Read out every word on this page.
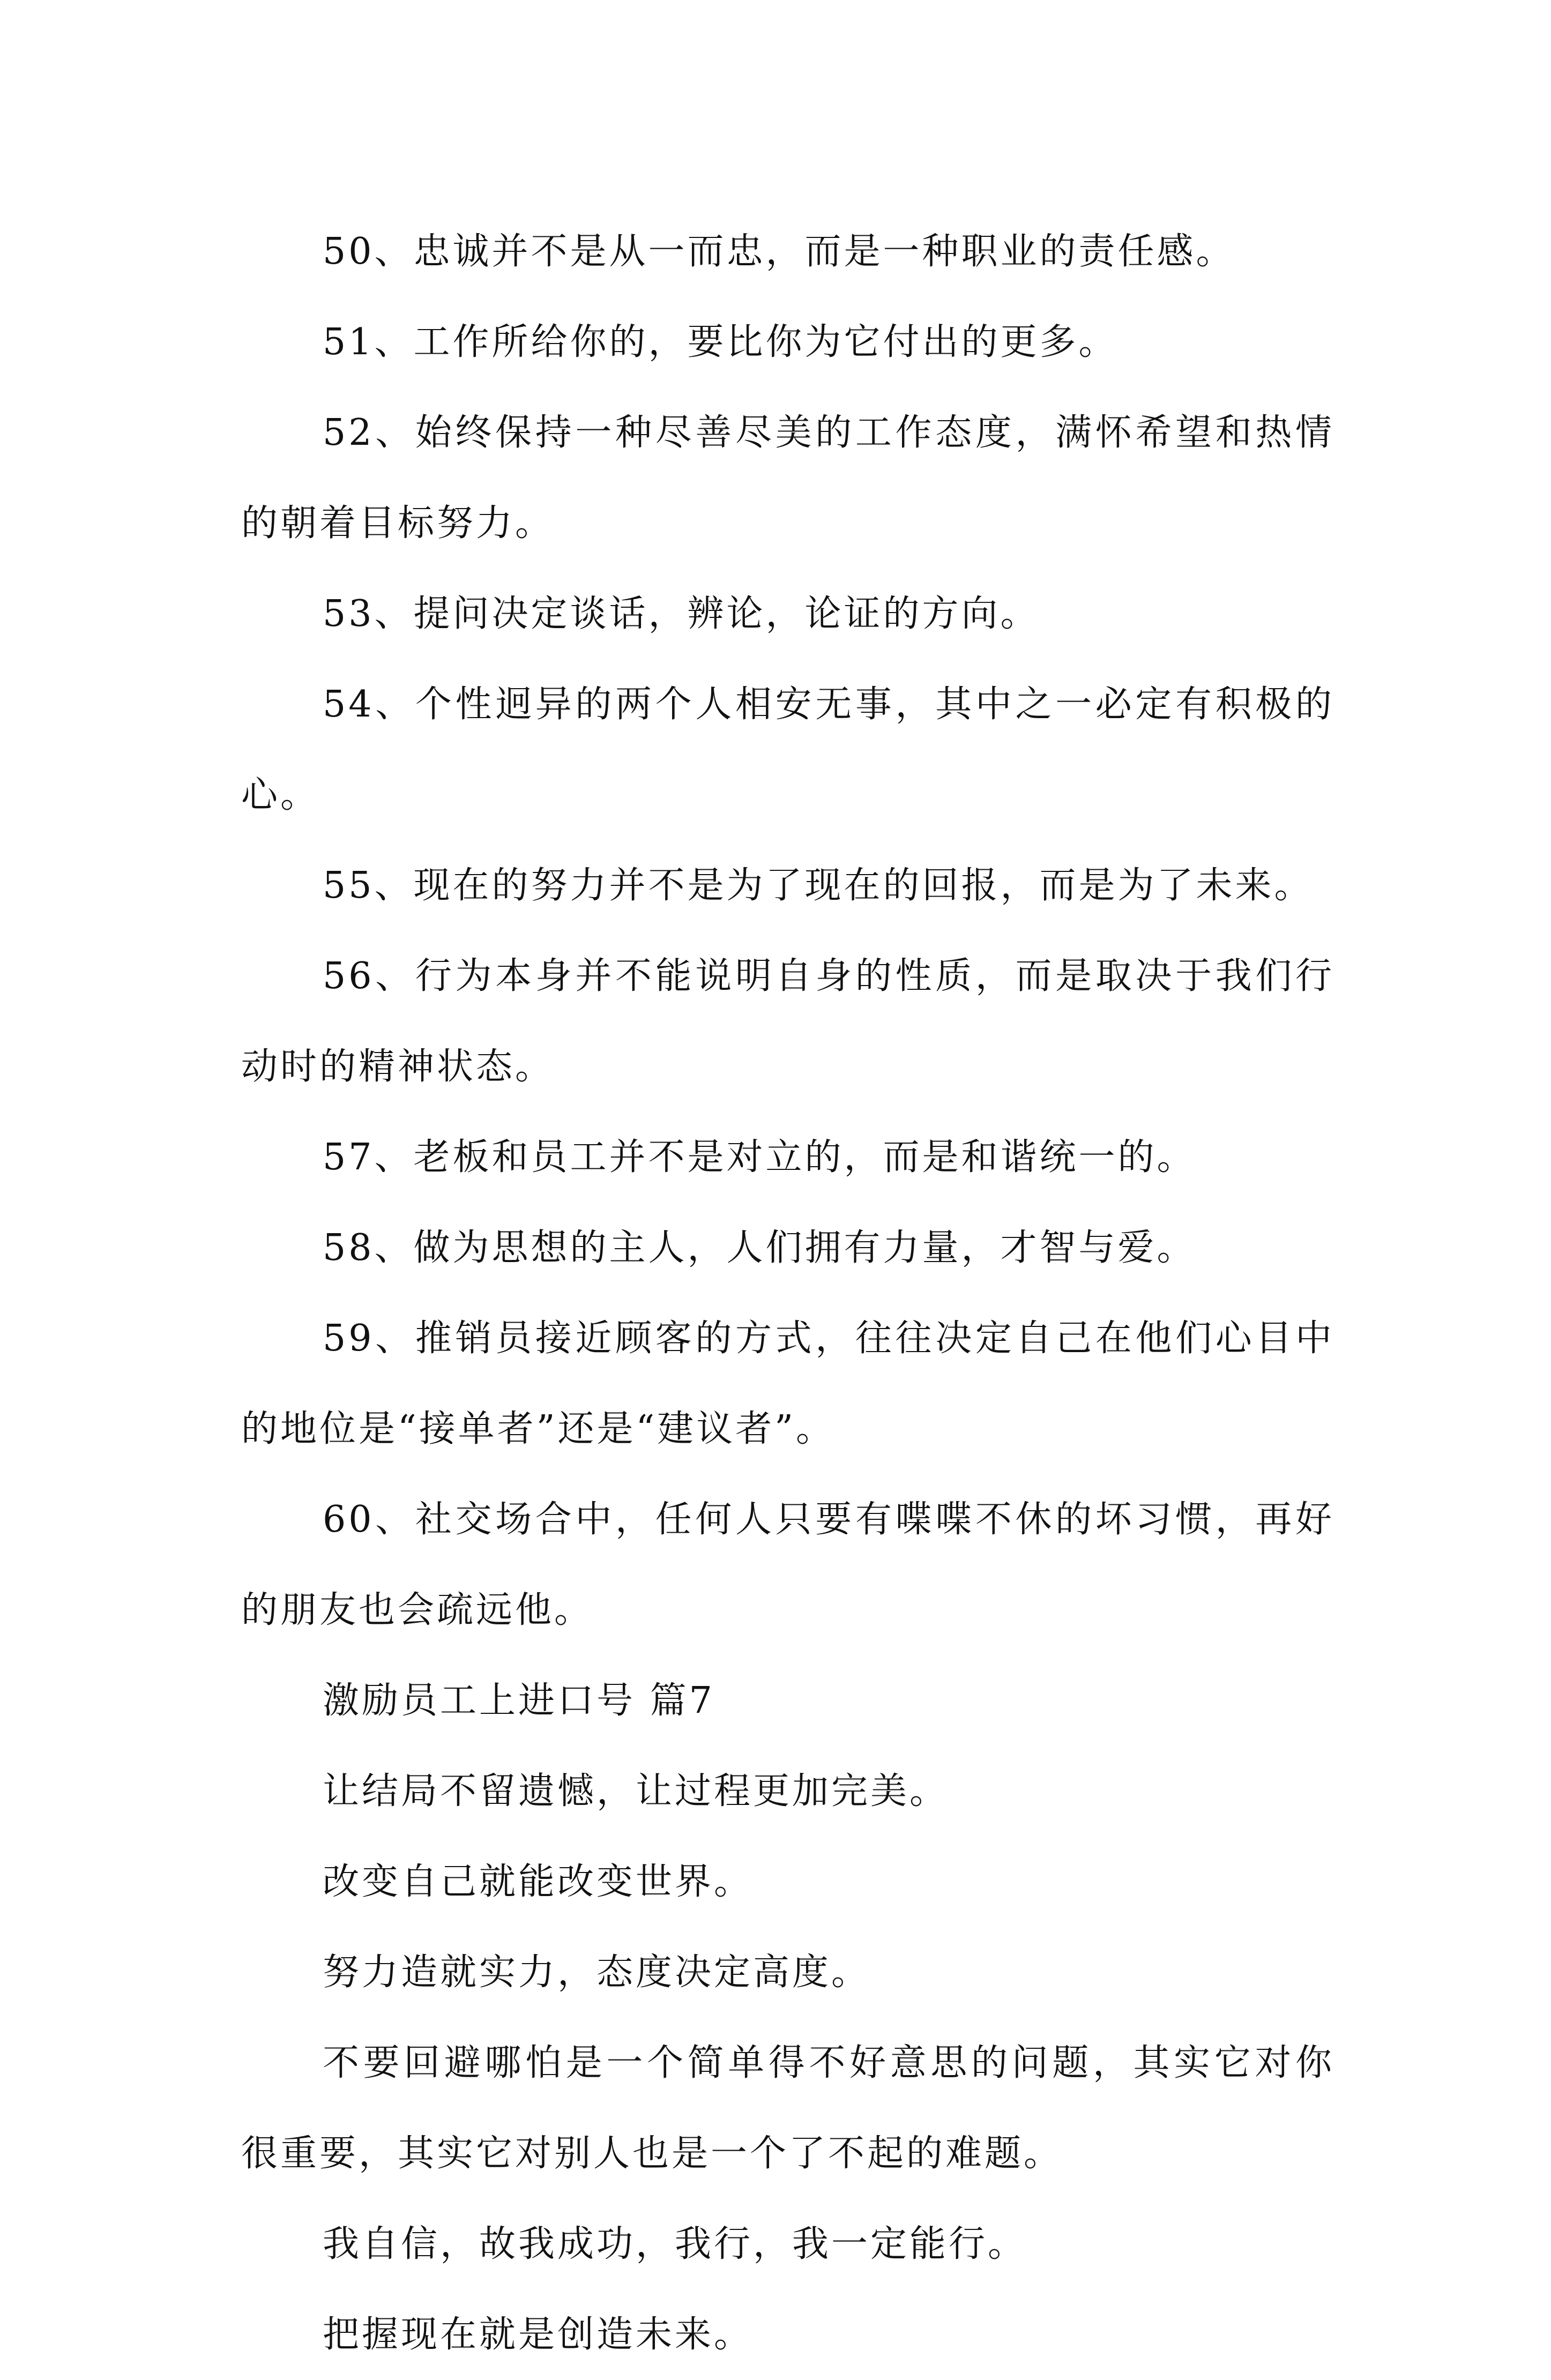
50、忠诚并不是从一而忠，而是一种职业的责任感。

51、工作所给你的，要比你为它付出的更多。

52、始终保持一种尽善尽美的工作态度，满怀希望和热情的朝着目标努力。

53、提问决定谈话，辨论，论证的方向。

54、个性迥异的两个人相安无事，其中之一必定有积极的心。

55、现在的努力并不是为了现在的回报，而是为了未来。

56、行为本身并不能说明自身的性质，而是取决于我们行动时的精神状态。

57、老板和员工并不是对立的，而是和谐统一的。

58、做为思想的主人，人们拥有力量，才智与爱。

59、推销员接近顾客的方式，往往决定自己在他们心目中的地位是“接单者”还是“建议者”。

60、社交场合中，任何人只要有喋喋不休的坏习惯，再好的朋友也会疏远他。

激励员工上进口号 篇7

让结局不留遗憾，让过程更加完美。

改变自己就能改变世界。

努力造就实力，态度决定高度。

不要回避哪怕是一个简单得不好意思的问题，其实它对你很重要，其实它对别人也是一个了不起的难题。

我自信，故我成功，我行，我一定能行。

把握现在就是创造未来。
